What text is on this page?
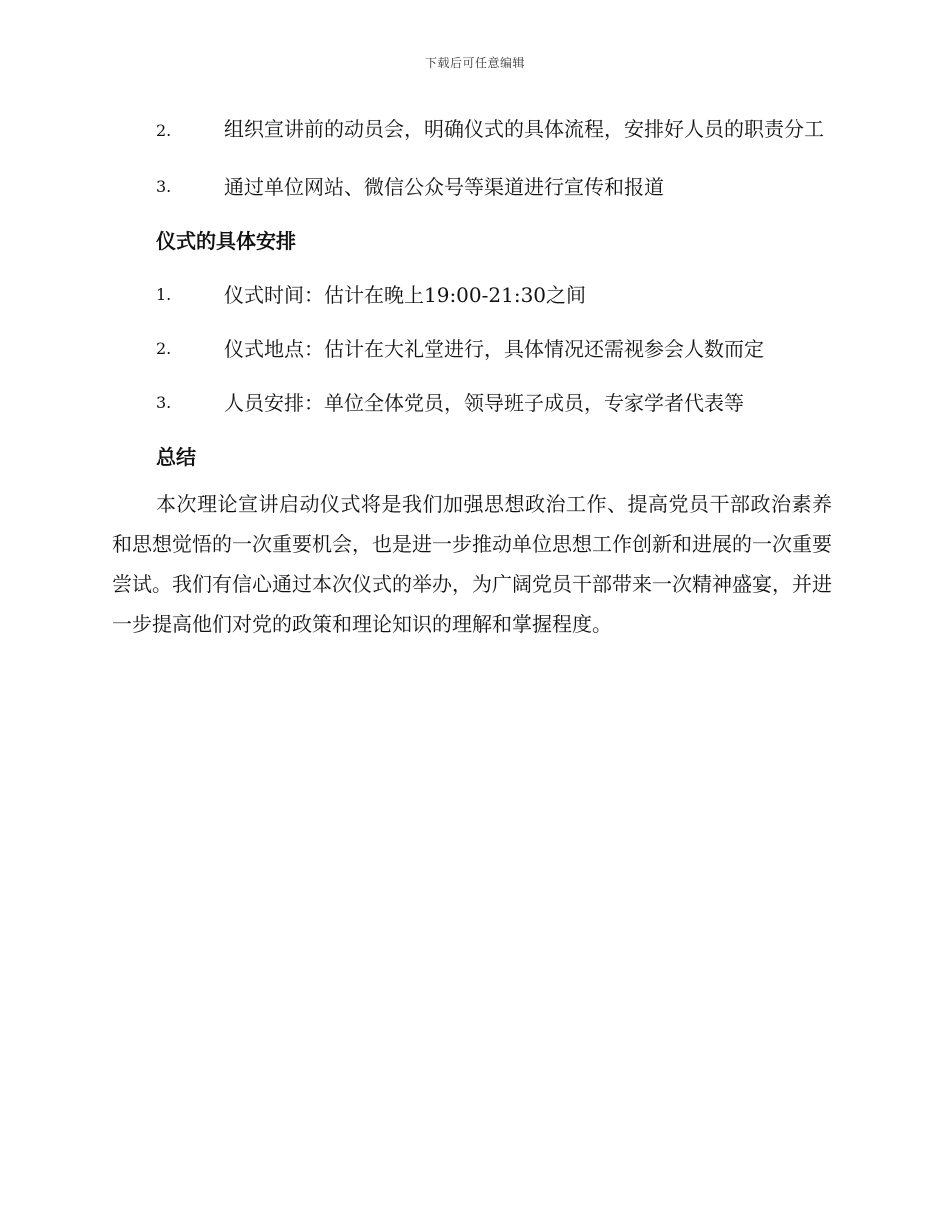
下载后可任意编辑
2.	组织宣讲前的动员会，明确仪式的具体流程，安排好人员的职责分工
3.	通过单位网站、微信公众号等渠道进行宣传和报道
仪式的具体安排
1.	仪式时间：估计在晚上19:00-21:30之间
2.	仪式地点：估计在大礼堂进行，具体情况还需视参会人数而定
3.	人员安排：单位全体党员，领导班子成员，专家学者代表等
总结
本次理论宣讲启动仪式将是我们加强思想政治工作、提高党员干部政治素养和思想觉悟的一次重要机会，也是进一步推动单位思想工作创新和进展的一次重要尝试。我们有信心通过本次仪式的举办，为广阔党员干部带来一次精神盛宴，并进一步提高他们对党的政策和理论知识的理解和掌握程度。
